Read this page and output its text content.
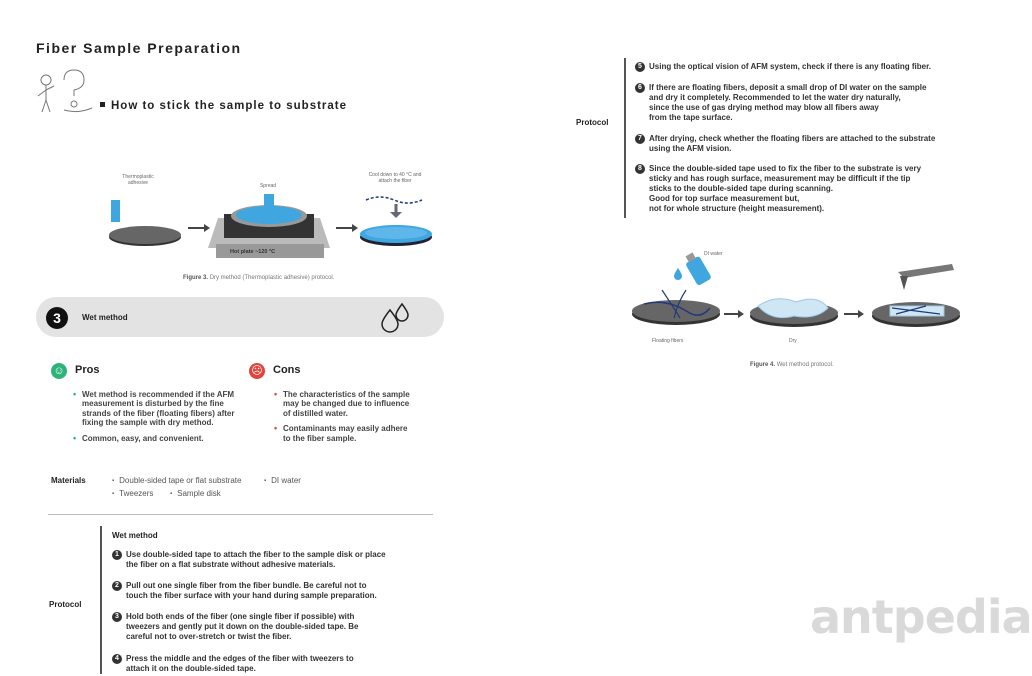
Fiber Sample Preparation
How to stick the sample to substrate
Thermoplastic adhesive	Spread
Cool down to 40 °C and attach the fiber
Hot plate ~120 °C
Figure 3. Dry method (Thermoplastic adhesive) protocol.
3	Wet method
☺ Pros
• Wet method is recommended if the AFM measurement is disturbed by the fine strands of the fiber (floating fibers) after fixing the sample with dry method.
• Common, easy, and convenient.
☹ Cons
• The characteristics of the sample may be changed due to influence of distilled water.
• Contaminants may easily adhere to the fiber sample.
Materials	▪ Double-sided tape or flat substrate	▪ DI water
▪ Tweezers	▪ Sample disk
Protocol
Wet method
1 Use double-sided tape to attach the fiber to the sample disk or place
the fiber on a flat substrate without adhesive materials.
2 Pull out one single fiber from the fiber bundle. Be careful not to
touch the fiber surface with your hand during sample preparation.
3 Hold both ends of the fiber (one single fiber if possible) with
tweezers and gently put it down on the double-sided tape. Be
careful not to over-stretch or twist the fiber.
4 Press the middle and the edges of the fiber with tweezers to
attach it on the double-sided tape.
Protocol
5 Using the optical vision of AFM system, check if there is any floating fiber.
6 If there are floating fibers, deposit a small drop of DI water on the sample
and dry it completely. Recommended to let the water dry naturally,
since the use of gas drying method may blow all fibers away
from the tape surface.
7 After drying, check whether the floating fibers are attached to the substrate
using the AFM vision.
8 Since the double-sided tape used to fix the fiber to the substrate is very
sticky and has rough surface, measurement may be difficult if the tip
sticks to the double-sided tape during scanning.
Good for top surface measurement but,
not for whole structure (height measurement).
DI water
Floating fibers	Dry
Figure 4. Wet method protocol.
antpedia
